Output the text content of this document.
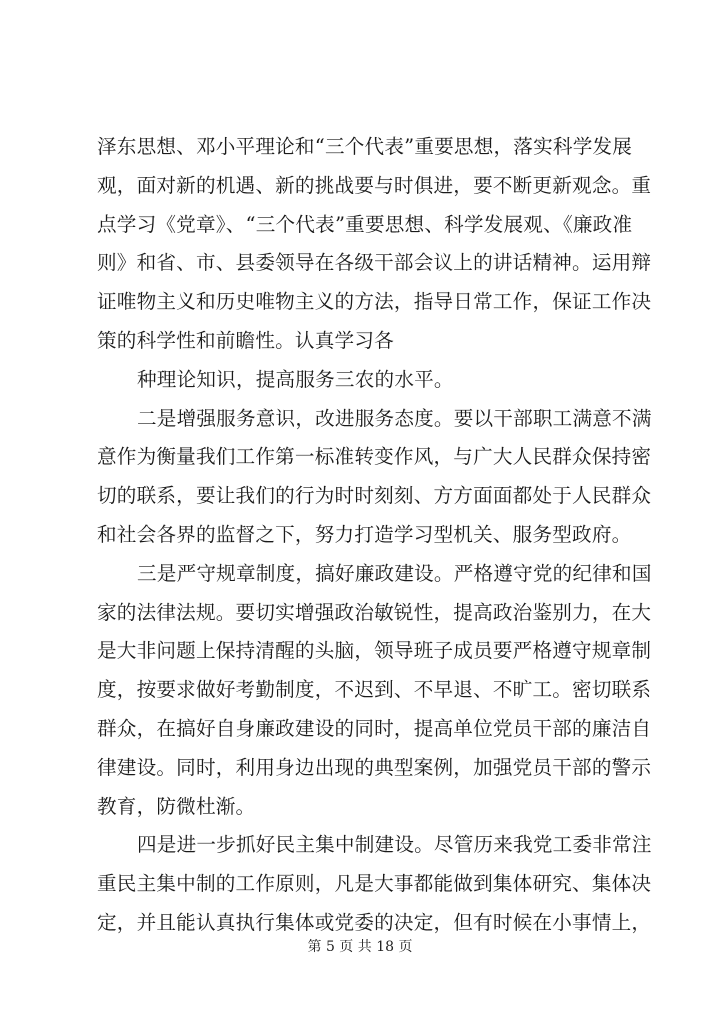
泽东思想、邓小平理论和“三个代表”重要思想，落实科学发展
观，面对新的机遇、新的挑战要与时俱进，要不断更新观念。重
点学习《党章》、“三个代表”重要思想、科学发展观、《廉政准
则》和省、市、县委领导在各级干部会议上的讲话精神。运用辩
证唯物主义和历史唯物主义的方法，指导日常工作，保证工作决
策的科学性和前瞻性。认真学习各
种理论知识，提高服务三农的水平。
二是增强服务意识，改进服务态度。要以干部职工满意不满
意作为衡量我们工作第一标准转变作风，与广大人民群众保持密
切的联系，要让我们的行为时时刻刻、方方面面都处于人民群众
和社会各界的监督之下，努力打造学习型机关、服务型政府。
三是严守规章制度，搞好廉政建设。严格遵守党的纪律和国
家的法律法规。要切实增强政治敏锐性，提高政治鉴别力，在大
是大非问题上保持清醒的头脑，领导班子成员要严格遵守规章制
度，按要求做好考勤制度，不迟到、不早退、不旷工。密切联系
群众，在搞好自身廉政建设的同时，提高单位党员干部的廉洁自
律建设。同时，利用身边出现的典型案例，加强党员干部的警示
教育，防微杜渐。
四是进一步抓好民主集中制建设。尽管历来我党工委非常注
重民主集中制的工作原则，凡是大事都能做到集体研究、集体决
定，并且能认真执行集体或党委的决定，但有时候在小事情上，
第 5 页 共 18 页
